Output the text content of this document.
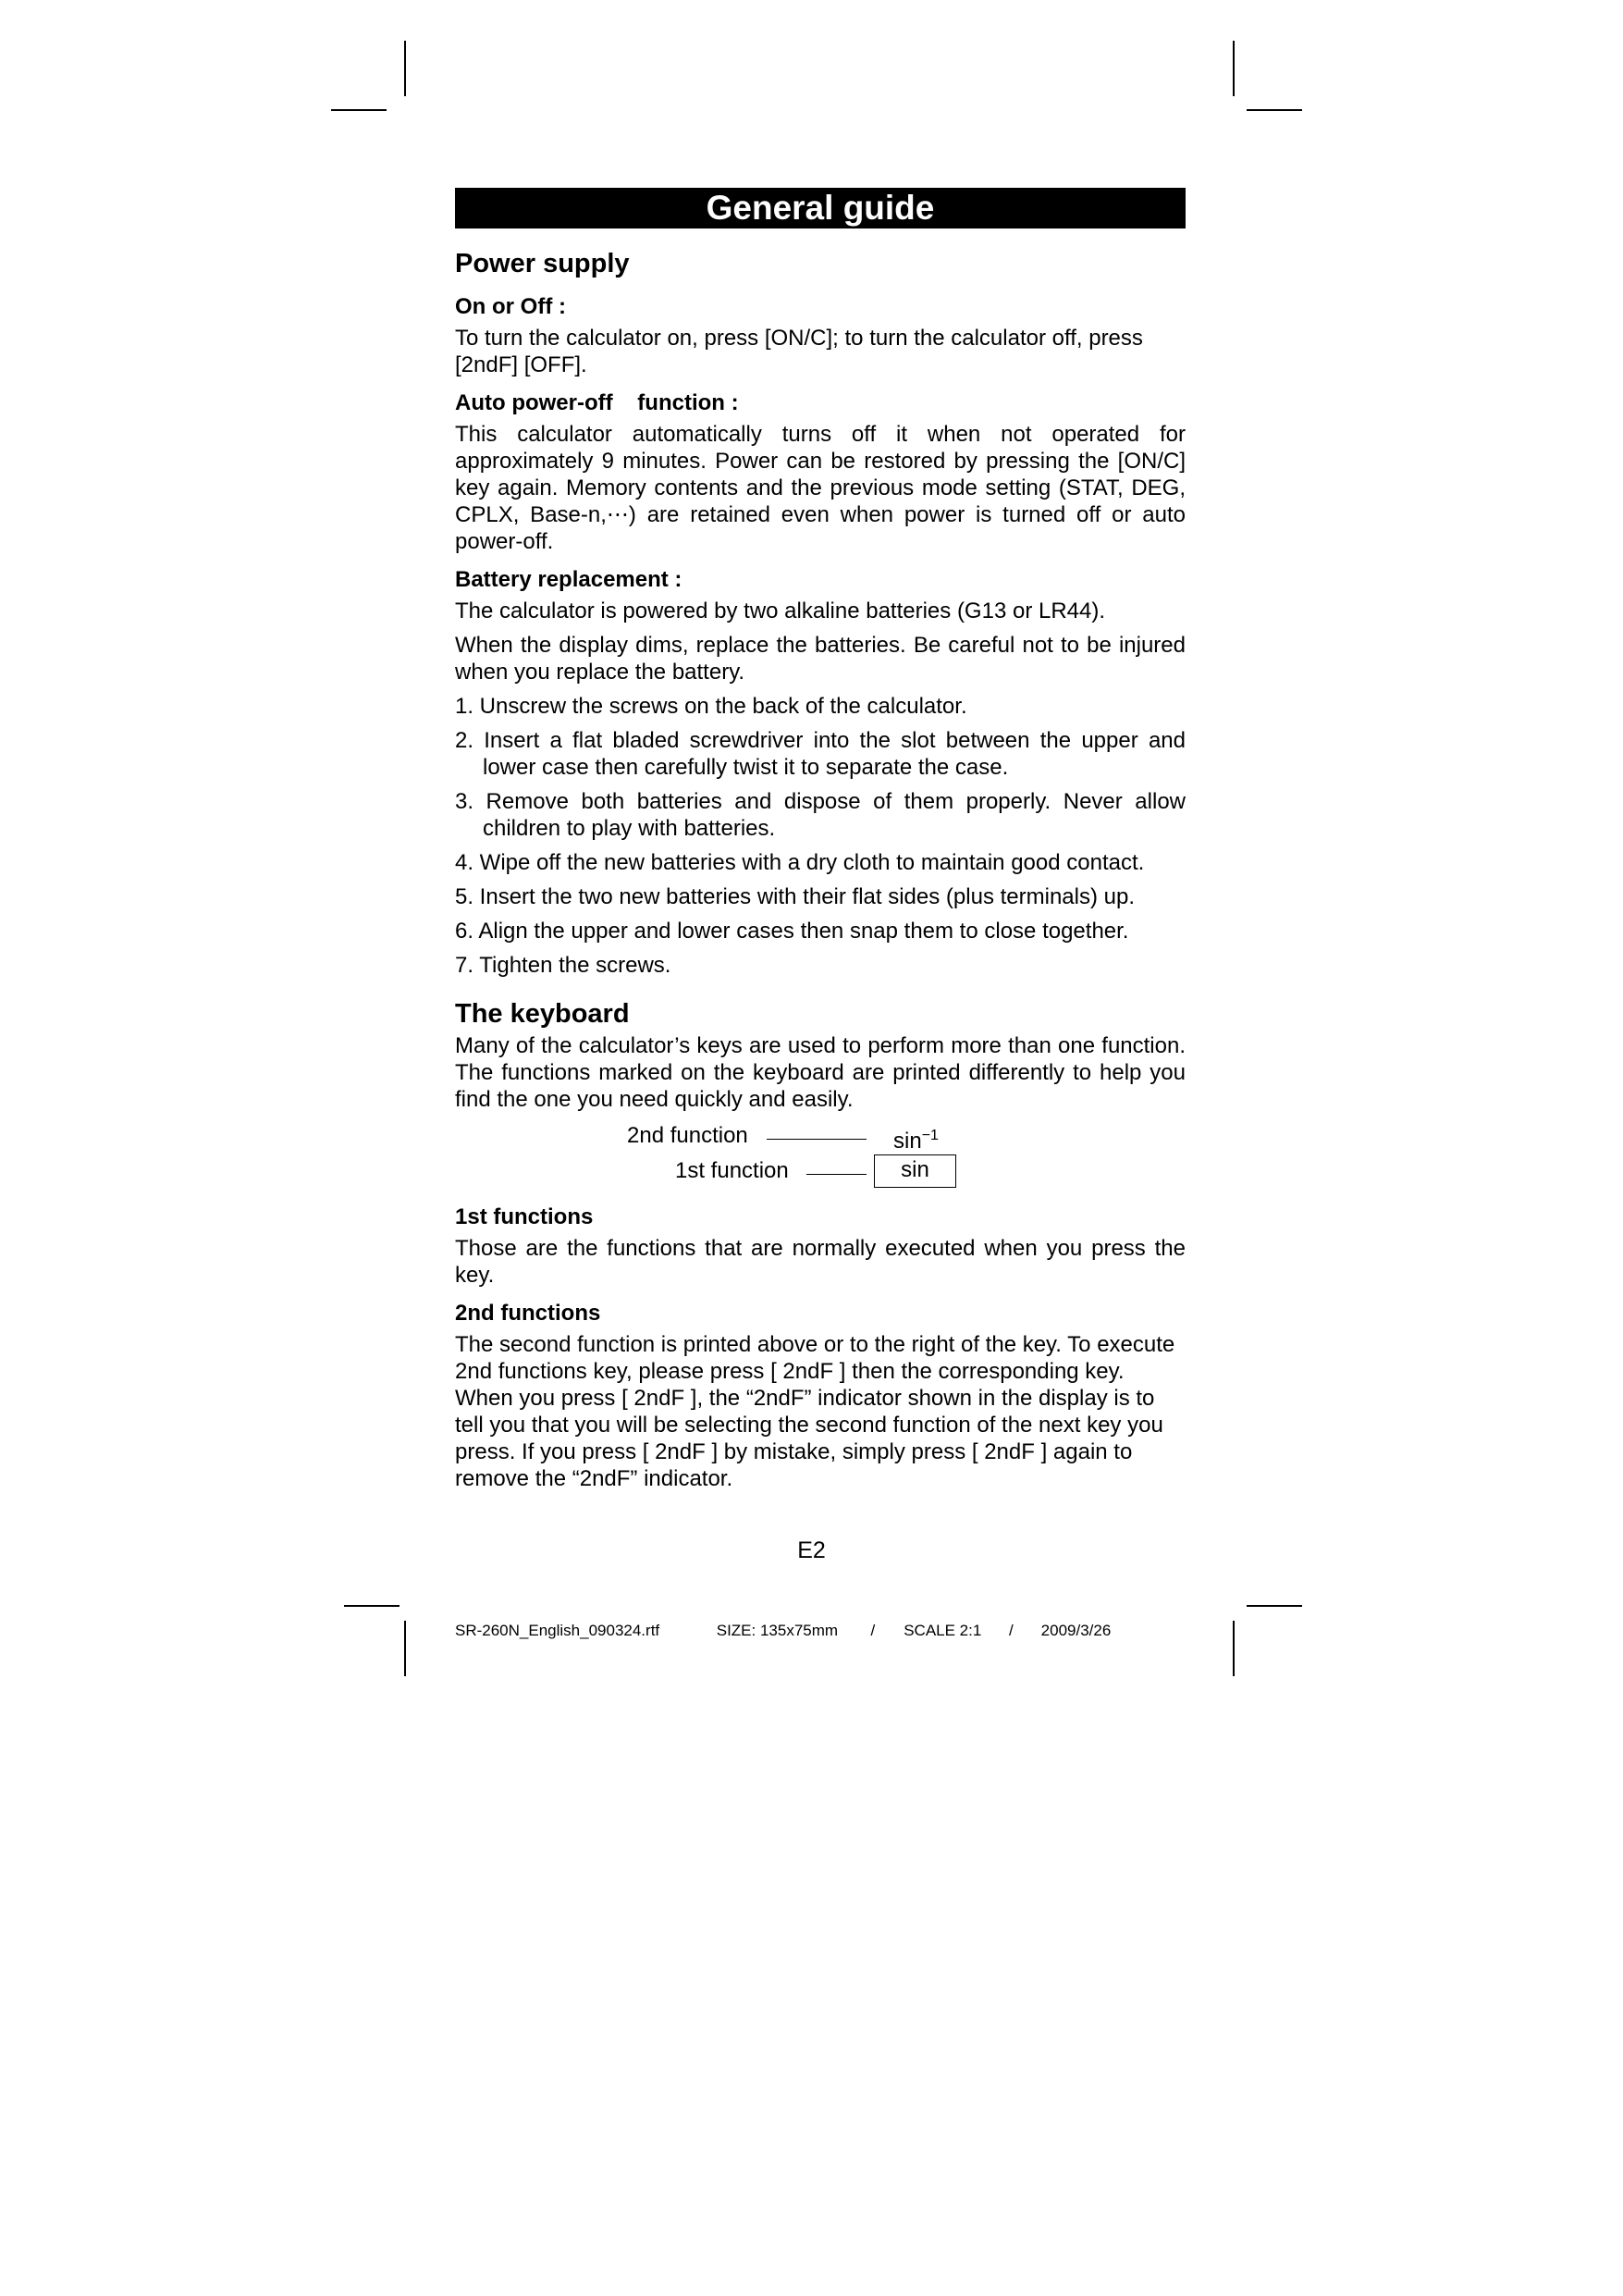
General guide
Power supply
On or Off :

To turn the calculator on, press [ON/C]; to turn the calculator off, press [2ndF] [OFF].

Auto power-off    function :

This calculator automatically turns off it when not operated for approximately 9 minutes. Power can be restored by pressing the [ON/C] key again. Memory contents and the previous mode setting (STAT, DEG, CPLX, Base-n,⋯) are retained even when power is turned off or auto power-off.

Battery replacement :

The calculator is powered by two alkaline batteries (G13 or LR44).

When the display dims, replace the batteries. Be careful not to be injured when you replace the battery.

1. Unscrew the screws on the back of the calculator.
2. Insert a flat bladed screwdriver into the slot between the upper and lower case then carefully twist it to separate the case.
3. Remove both batteries and dispose of them properly. Never allow children to play with batteries.
4. Wipe off the new batteries with a dry cloth to maintain good contact.
5. Insert the two new batteries with their flat sides (plus terminals) up.
6. Align the upper and lower cases then snap them to close together.
7. Tighten the screws.
The keyboard

Many of the calculator’s keys are used to perform more than one function. The functions marked on the keyboard are printed differently to help you find the one you need quickly and easily.

2nd function	$\sin^{-1}$
1st function	sin
1st functions

Those are the functions that are normally executed when you press the key.

2nd functions

The second function is printed above or to the right of the key. To execute 2nd functions key, please press [ 2ndF ] then the corresponding key. When you press [ 2ndF ], the “2ndF” indicator shown in the display is to tell you that you will be selecting the second function of the next key you press. If you press [ 2ndF ] by mistake, simply press [ 2ndF ] again to remove the “2ndF” indicator.

E2
SR-260N_English_090324.rtf	SIZE: 135x75mm / SCALE 2:1 / 2009/3/26
